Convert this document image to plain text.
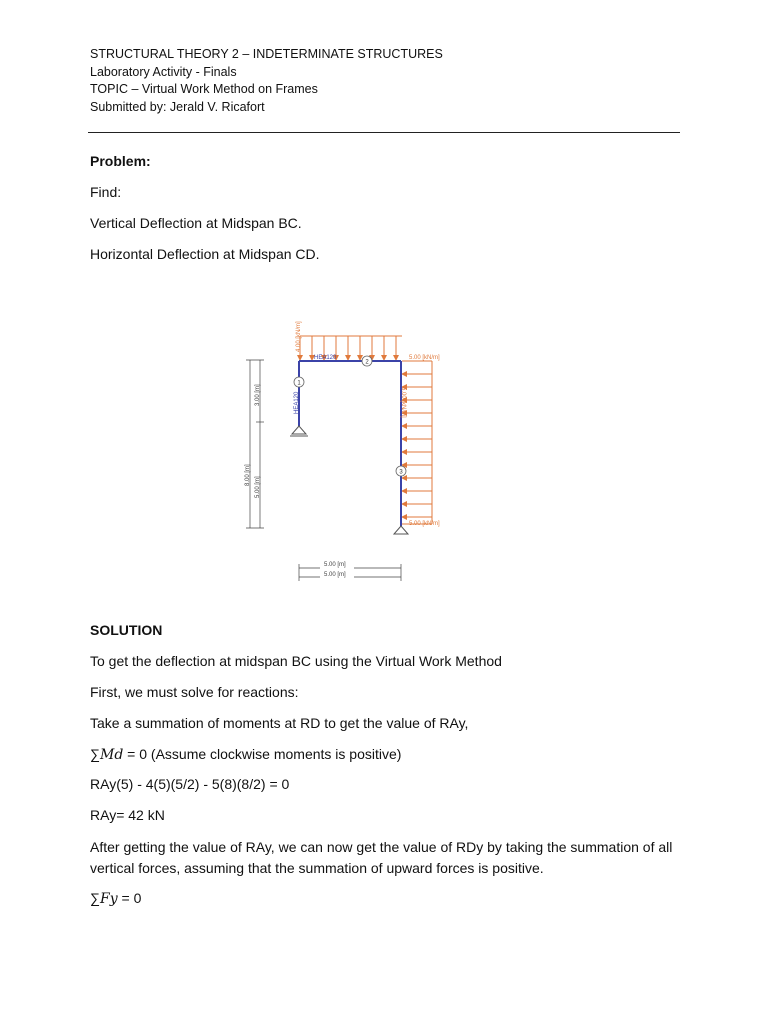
STRUCTURAL THEORY 2 – INDETERMINATE STRUCTURES
Laboratory Activity - Finals
TOPIC – Virtual Work Method on Frames
Submitted by: Jerald V. Ricafort
Problem:
Find:
Vertical Deflection at Midspan BC.
Horizontal Deflection at Midspan CD.
1
2
3
4.00 [kN/m]
5.00 [kN/m]
5.00 [kN/m]
5.00 [kN/m]
HEA120
HEA120
3.00 [m]
8.00 [m]
5.00 [m]
5.00 [m]
5.00 [m]
SOLUTION
To get the deflection at midspan BC using the Virtual Work Method
First, we must solve for reactions:
Take a summation of moments at RD to get the value of RAy,
∑Md = 0 (Assume clockwise moments is positive)
RAy(5) - 4(5)(5/2) - 5(8)(8/2) = 0
RAy= 42 kN
After getting the value of RAy, we can now get the value of RDy by taking the summation of all vertical forces, assuming that the summation of upward forces is positive.
∑Fy = 0
